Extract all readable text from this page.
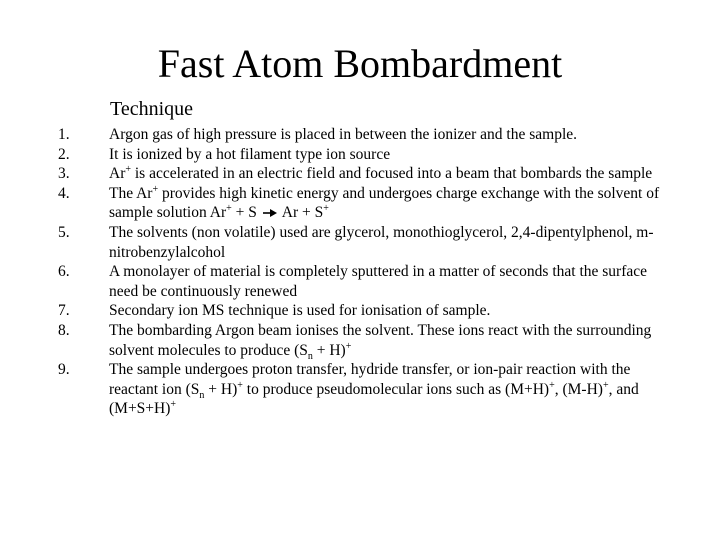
Fast Atom Bombardment
Technique
1.	Argon gas of high pressure is placed in between the ionizer and the sample.
2.	It is ionized by a hot filament type ion source
3.	Ar+ is accelerated in an electric field and focused into a beam that bombards the sample
4.	The Ar+ provides high kinetic energy and undergoes charge exchange with the solvent of sample solution Ar+ + S  Ar + S+
5.	The solvents (non volatile) used are glycerol, monothioglycerol, 2,4-dipentylphenol, m-nitrobenzylalcohol
6.	A monolayer of material is completely sputtered in a matter of seconds that the surface need be continuously renewed
7.	Secondary ion MS technique is used for ionisation of sample.
8.	The bombarding Argon beam ionises the solvent. These ions react with the surrounding solvent molecules to produce $(S_n + H)^+$
9.	The sample undergoes proton transfer, hydride transfer, or ion-pair reaction with the reactant ion $(S_n + H)^+$ to produce pseudomolecular ions such as (M+H)+, (M-H)+, and (M+S+H)+
